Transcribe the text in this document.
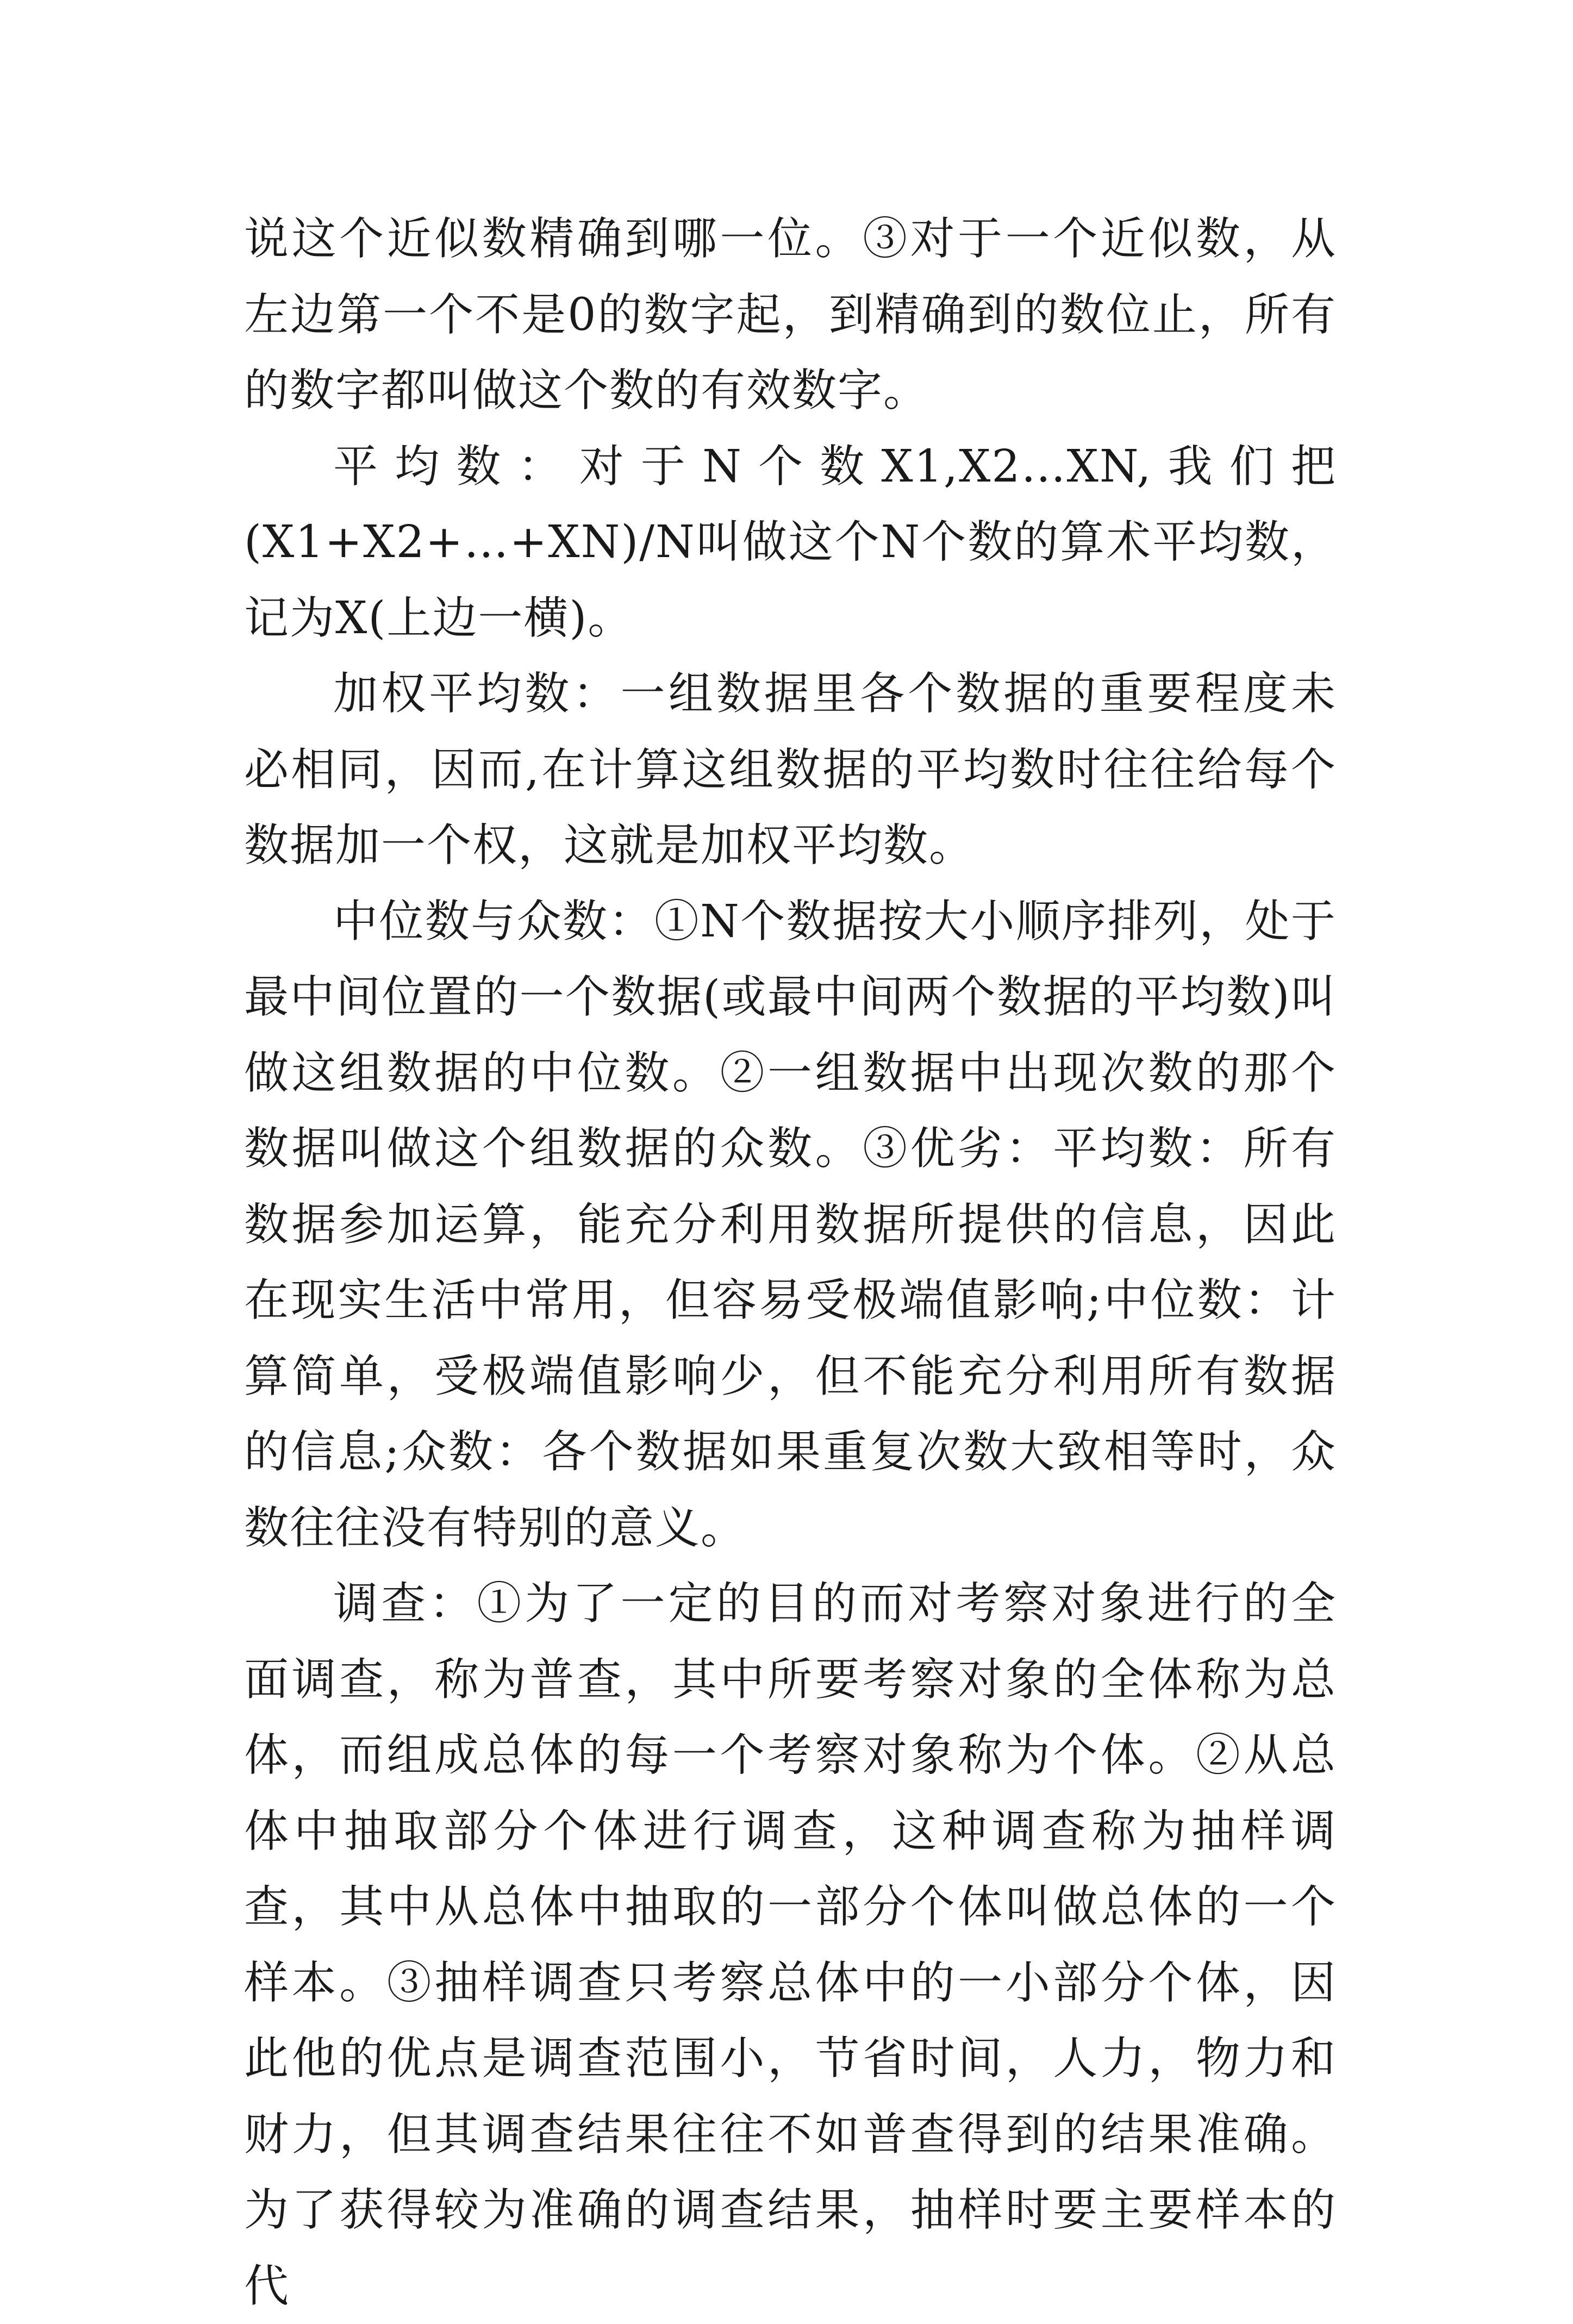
说这个近似数精确到哪一位。③对于一个近似数，从左边第一个不是0的数字起，到精确到的数位止，所有的数字都叫做这个数的有效数字。

平均数：对于N个数X1,X2…XN,我们把(X1+X2+…+XN)/N叫做这个N个数的算术平均数，记为X(上边一横)。

加权平均数：一组数据里各个数据的重要程度未必相同，因而,在计算这组数据的平均数时往往给每个数据加一个权，这就是加权平均数。

中位数与众数：①N个数据按大小顺序排列，处于最中间位置的一个数据(或最中间两个数据的平均数)叫做这组数据的中位数。②一组数据中出现次数的那个数据叫做这个组数据的众数。③优劣：平均数：所有数据参加运算，能充分利用数据所提供的信息，因此在现实生活中常用，但容易受极端值影响;中位数：计算简单，受极端值影响少，但不能充分利用所有数据的信息;众数：各个数据如果重复次数大致相等时，众数往往没有特别的意义。

调查：①为了一定的目的而对考察对象进行的全面调查，称为普查，其中所要考察对象的全体称为总体，而组成总体的每一个考察对象称为个体。②从总体中抽取部分个体进行调查，这种调查称为抽样调查，其中从总体中抽取的一部分个体叫做总体的一个样本。③抽样调查只考察总体中的一小部分个体，因此他的优点是调查范围小，节省时间，人力，物力和财力，但其调查结果往往不如普查得到的结果准确。为了获得较为准确的调查结果，抽样时要主要样本的代
